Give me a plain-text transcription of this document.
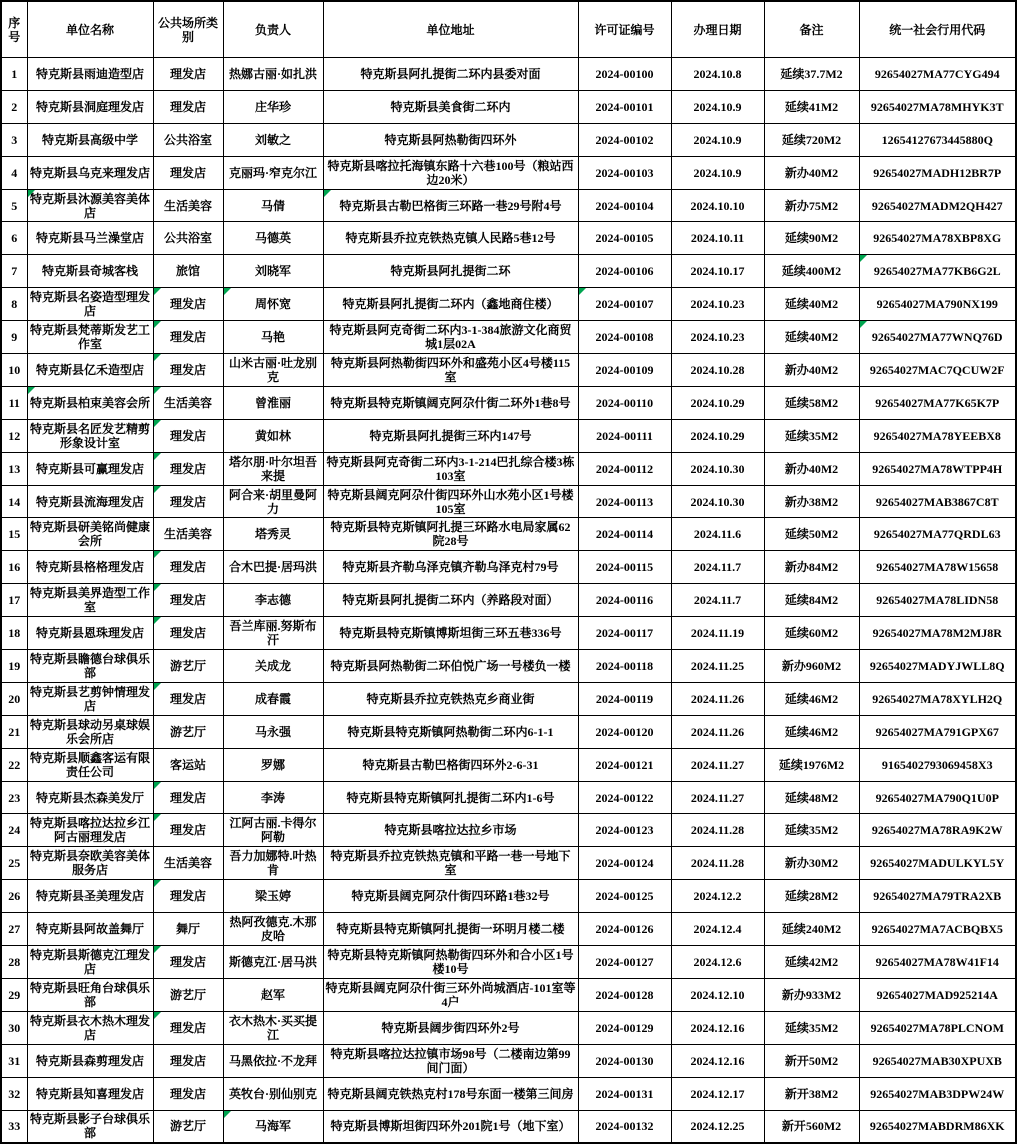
序号	单位名称	公共场所类别	负责人	单位地址	许可证编号	办理日期	备注	统一社会行用代码
1	特克斯县雨迪造型店	理发店	热娜古丽·如扎洪	特克斯县阿扎提街二环内县委对面	2024-00100	2024.10.8	延续37.7M2	92654027MA77CYG494
2	特克斯县洞庭理发店	理发店	庄华珍	特克斯县美食街二环内	2024-00101	2024.10.9	延续41M2	92654027MA78MHYK3T
3	特克斯县高级中学	公共浴室	刘敏之	特克斯县阿热勒街四环外	2024-00102	2024.10.9	延续720M2	12654127673445880Q
4	特克斯县乌克来理发店	理发店	克丽玛·窄克尔江	特克斯县喀拉托海镇东路十六巷100号（粮站西边20米）	2024-00103	2024.10.9	新办40M2	92654027MADH12BR7P
5	特克斯县沐源美容美体店	生活美容	马倩	特克斯县古勒巴格街三环路一巷29号附4号	2024-00104	2024.10.10	新办75M2	92654027MADM2QH427
6	特克斯县马兰澡堂店	公共浴室	马德英	特克斯县乔拉克铁热克镇人民路5巷12号	2024-00105	2024.10.11	延续90M2	92654027MA78XBP8XG
7	特克斯县奇城客栈	旅馆	刘晓军	特克斯县阿扎提街二环	2024-00106	2024.10.17	延续400M2	92654027MA77KB6G2L

8	特克斯县名姿造型理发店	理发店	周怀宽	特克斯县阿扎提街二环内（鑫地商住楼）	2024-00107	2024.10.23	延续40M2	92654027MA790NX199
9	特克斯县梵蒂斯发艺工作室	理发店	马艳	特克斯县阿克奇街二环内3-1-384旅游文化商贸城1层02A	2024-00108	2024.10.23	延续40M2	92654027MA77WNQ76D

10	特克斯县亿禾造型店	理发店	山米古丽·吐龙别克	特克斯县阿热勒街四环外和盛苑小区4号楼115室	2024-00109	2024.10.28	新办40M2	92654027MAC7QCUW2F
11	特克斯县柏束美容会所	生活美容	曾淮丽	特克斯县特克斯镇阔克阿尕什街二环外1巷8号	2024-00110	2024.10.29	延续58M2	92654027MA77K65K7P
12	特克斯县名匠发艺精剪形象设计室	理发店	黄如林	特克斯县阿扎提街三环内147号	2024-00111	2024.10.29	延续35M2	92654027MA78YEEBX8
13	特克斯县可赢理发店	理发店	塔尔朋·叶尔坦吾来提	特克斯县阿克奇街二环内3-1-214巴扎综合楼3栋103室	2024-00112	2024.10.30	新办40M2	92654027MA78WTPP4H
14	特克斯县流海理发店	理发店	阿合来·胡里曼阿力	特克斯县阔克阿尕什街四环外山水苑小区1号楼105室	2024-00113	2024.10.30	新办38M2	92654027MAB3867C8T
15	特克斯县研美铭尚健康会所	生活美容	塔秀灵	特克斯县特克斯镇阿扎提三环路水电局家属62院28号	2024-00114	2024.11.6	延续50M2	92654027MA77QRDL63
16	特克斯县格格理发店	理发店	合木巴提·居玛洪	特克斯县齐勒乌泽克镇齐勒乌泽克村79号	2024-00115	2024.11.7	新办84M2	92654027MA78W15658
17	特克斯县美界造型工作室	理发店	李志德	特克斯县阿扎提街二环内（养路段对面）	2024-00116	2024.11.7	延续84M2	92654027MA78LIDN58
18	特克斯县恩珠理发店	理发店	吾兰库丽.努斯布汗	特克斯县特克斯镇博斯坦街三环五巷336号	2024-00117	2024.11.19	延续60M2	92654027MA78M2MJ8R
19	特克斯县瞻德台球俱乐部	游艺厅	关成龙	特克斯县阿热勒街二环伯悦广场一号楼负一楼	2024-00118	2024.11.25	新办960M2	92654027MADYJWLL8Q
20	特克斯县艺剪钟情理发店	理发店	成春霞	特克斯县乔拉克铁热克乡商业街	2024-00119	2024.11.26	延续46M2	92654027MA78XYLH2Q
21	特克斯县球动另桌球娱乐会所店	游艺厅	马永强	特克斯县特克斯镇阿热勒街二环内6-1-1	2024-00120	2024.11.26	延续46M2	92654027MA791GPX67
22	特克斯县顺鑫客运有限责任公司	客运站	罗娜	特克斯县古勒巴格街四环外2-6-31	2024-00121	2024.11.27	延续1976M2	9165402793069458X3
23	特克斯县杰森美发厅	理发店	李涛	特克斯县特克斯镇阿扎提街二环内1-6号	2024-00122	2024.11.27	延续48M2	92654027MA790Q1U0P
24	特克斯县喀拉达拉乡江阿古丽理发店	理发店	江阿古丽.卡得尔阿勒	特克斯县喀拉达拉乡市场	2024-00123	2024.11.28	延续35M2	92654027MA78RA9K2W
25	特克斯县奈欧美容美体服务店	生活美容	吾力加娜特.叶热肯	特克斯县乔拉克铁热克镇和平路一巷一号地下室	2024-00124	2024.11.28	新办30M2	92654027MADULKYL5Y
26	特克斯县圣美理发店	理发店	梁玉婷	特克斯县阔克阿尕什街四环路1巷32号	2024-00125	2024.12.2	延续28M2	92654027MA79TRA2XB
27	特克斯县阿故盖舞厅	舞厅	热阿孜德克.木那皮哈	特克斯县特克斯镇阿扎提街一环明月楼二楼	2024-00126	2024.12.4	延续240M2	92654027MA7ACBQBX5
28	特克斯县斯德克江理发店	理发店	斯德克江·居马洪	特克斯县特克斯镇阿热勒街四环外和合小区1号楼10号	2024-00127	2024.12.6	延续42M2	92654027MA78W41F14
29	特克斯县旺角台球俱乐部	游艺厅	赵军	特克斯县阔克阿尕什街三环外尚城酒店-101室等4户	2024-00128	2024.12.10	新办933M2	92654027MAD925214A
30	特克斯县衣木热木理发店	理发店	衣木热木·买买提江	特克斯县阔步街四环外2号	2024-00129	2024.12.16	延续35M2	92654027MA78PLCNOM
31	特克斯县森剪理发店	理发店	马黑依拉·不龙拜	特克斯县喀拉达拉镇市场98号（二楼南边第99间门面）	2024-00130	2024.12.16	新开50M2	92654027MAB30XPUXB
32	特克斯县知喜理发店	理发店	英牧台·别仙别克	特克斯县阔克铁热克村178号东面一楼第三间房	2024-00131	2024.12.17	新开38M2	92654027MAB3DPW24W
33	特克斯县影子台球俱乐部	游艺厅	马海军	特克斯县博斯坦街四环外201院1号（地下室）	2024-00132	2024.12.25	新开560M2	92654027MABDRM86XK
